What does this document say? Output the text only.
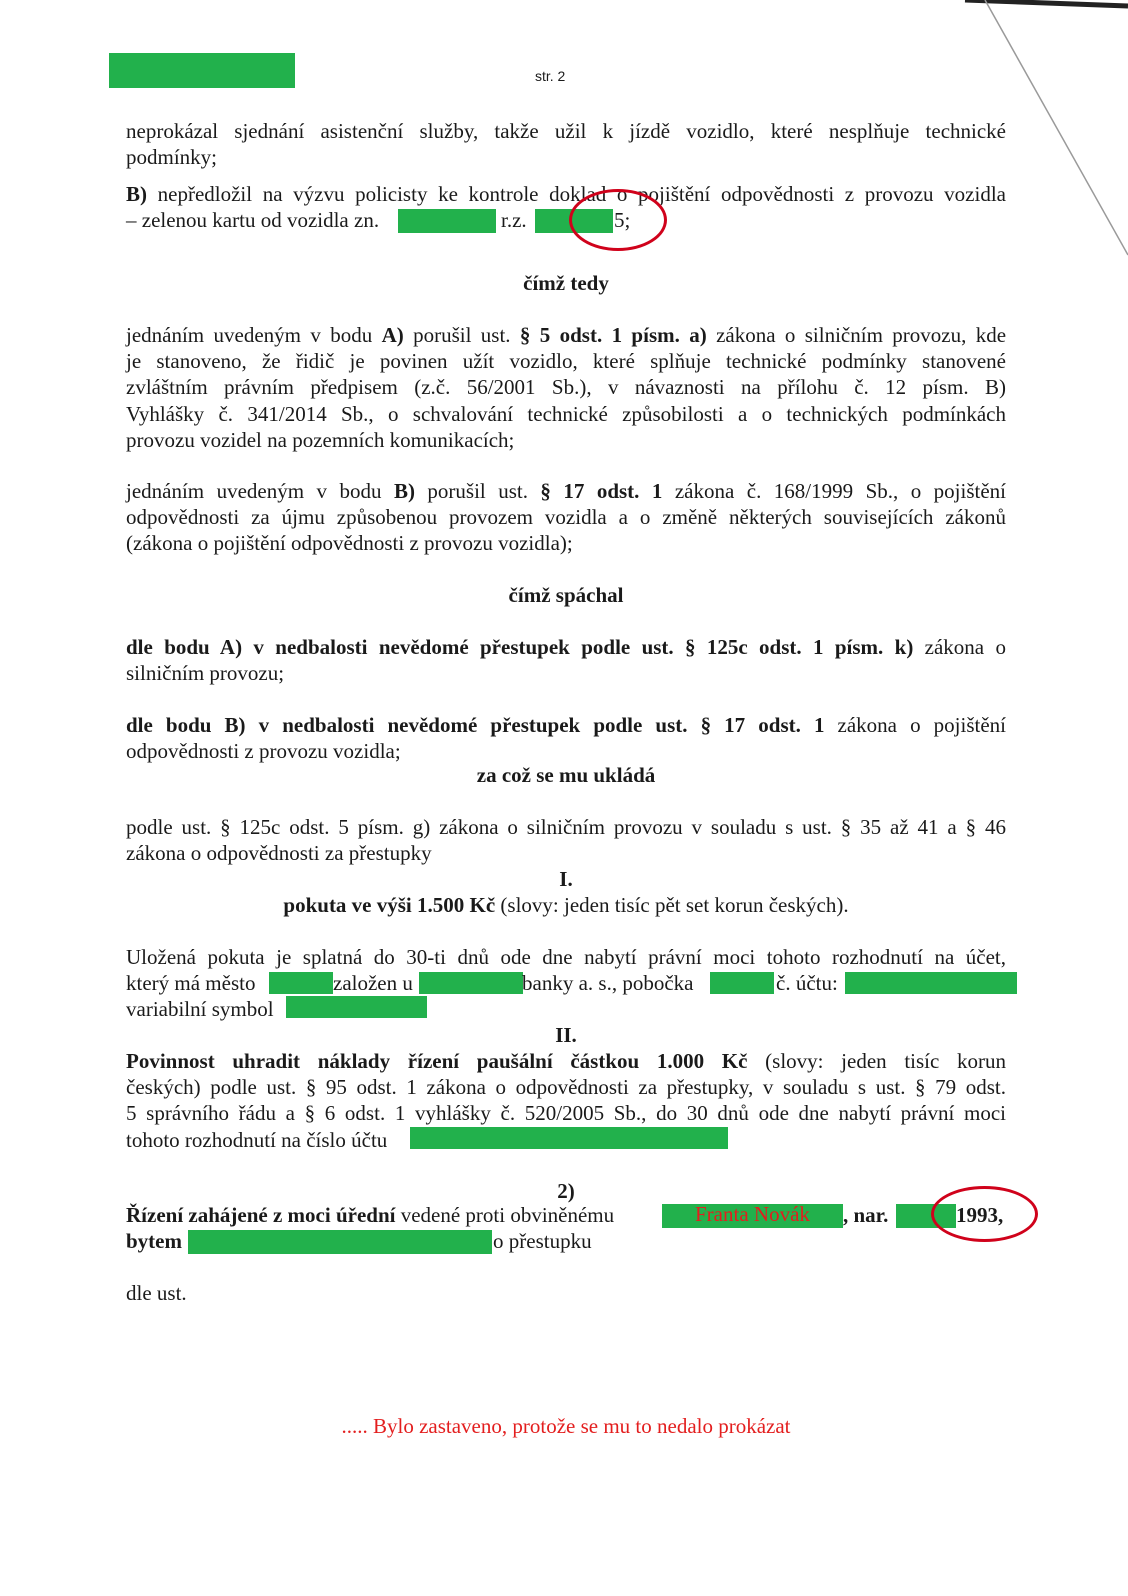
str. 2
neprokázal sjednání asistenční služby, takže užil k jízdě vozidlo, které nesplňuje technické
podmínky;
B) nepředložil na výzvu policisty ke kontrole doklad o pojištění odpovědnosti z provozu vozidla
– zelenou kartu od vozidla zn.	r.z.	5;
čímž tedy
jednáním uvedeným v bodu A) porušil ust. § 5 odst. 1 písm. a) zákona o silničním provozu, kde
je stanoveno, že řidič je povinen užít vozidlo, které splňuje technické podmínky stanovené
zvláštním právním předpisem (z.č. 56/2001 Sb.), v návaznosti na přílohu č. 12 písm. B)
Vyhlášky č. 341/2014 Sb., o schvalování technické způsobilosti a o technických podmínkách
provozu vozidel na pozemních komunikacích;
jednáním uvedeným v bodu B) porušil ust. § 17 odst. 1 zákona č. 168/1999 Sb., o pojištění
odpovědnosti za újmu způsobenou provozem vozidla a o změně některých souvisejících zákonů
(zákona o pojištění odpovědnosti z provozu vozidla);
čímž spáchal
dle bodu A) v nedbalosti nevědomé přestupek podle ust. § 125c odst. 1 písm. k) zákona o
silničním provozu;
dle bodu B) v nedbalosti nevědomé přestupek podle ust. § 17 odst. 1 zákona o pojištění
odpovědnosti z provozu vozidla;
za což se mu ukládá
podle ust. § 125c odst. 5 písm. g) zákona o silničním provozu v souladu s ust. § 35 až 41 a § 46
zákona o odpovědnosti za přestupky
I.
pokuta ve výši 1.500 Kč (slovy: jeden tisíc pět set korun českých).
Uložená pokuta je splatná do 30-ti dnů ode dne nabytí právní moci tohoto rozhodnutí na účet,
který má město	založen u	banky a. s., pobočka	č. účtu:
variabilní symbol
II.
Povinnost uhradit náklady řízení paušální částkou 1.000 Kč (slovy: jeden tisíc korun
českých) podle ust. § 95 odst. 1 zákona o odpovědnosti za přestupky, v souladu s ust. § 79 odst.
5 správního řádu a § 6 odst. 1 vyhlášky č. 520/2005 Sb., do 30 dnů ode dne nabytí právní moci
tohoto rozhodnutí na číslo účtu
2)
Řízení zahájené z moci úřední vedené proti obviněnému	Franta Novák , nar.	1993,
bytem	o přestupku
dle ust.
..... Bylo zastaveno, protože se mu to nedalo prokázat
